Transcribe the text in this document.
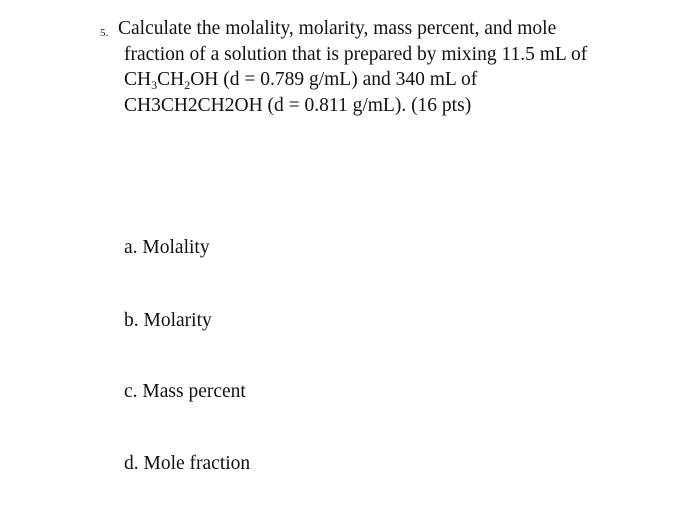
5. Calculate the molality, molarity, mass percent, and mole
fraction of a solution that is prepared by mixing 11.5 mL of
$CH_3CH_2OH$ (d = 0.789 g/mL) and 340 mL of
CH3CH2CH2OH (d = 0.811 g/mL). (16 pts)
a. Molality
b. Molarity
c. Mass percent
d. Mole fraction
